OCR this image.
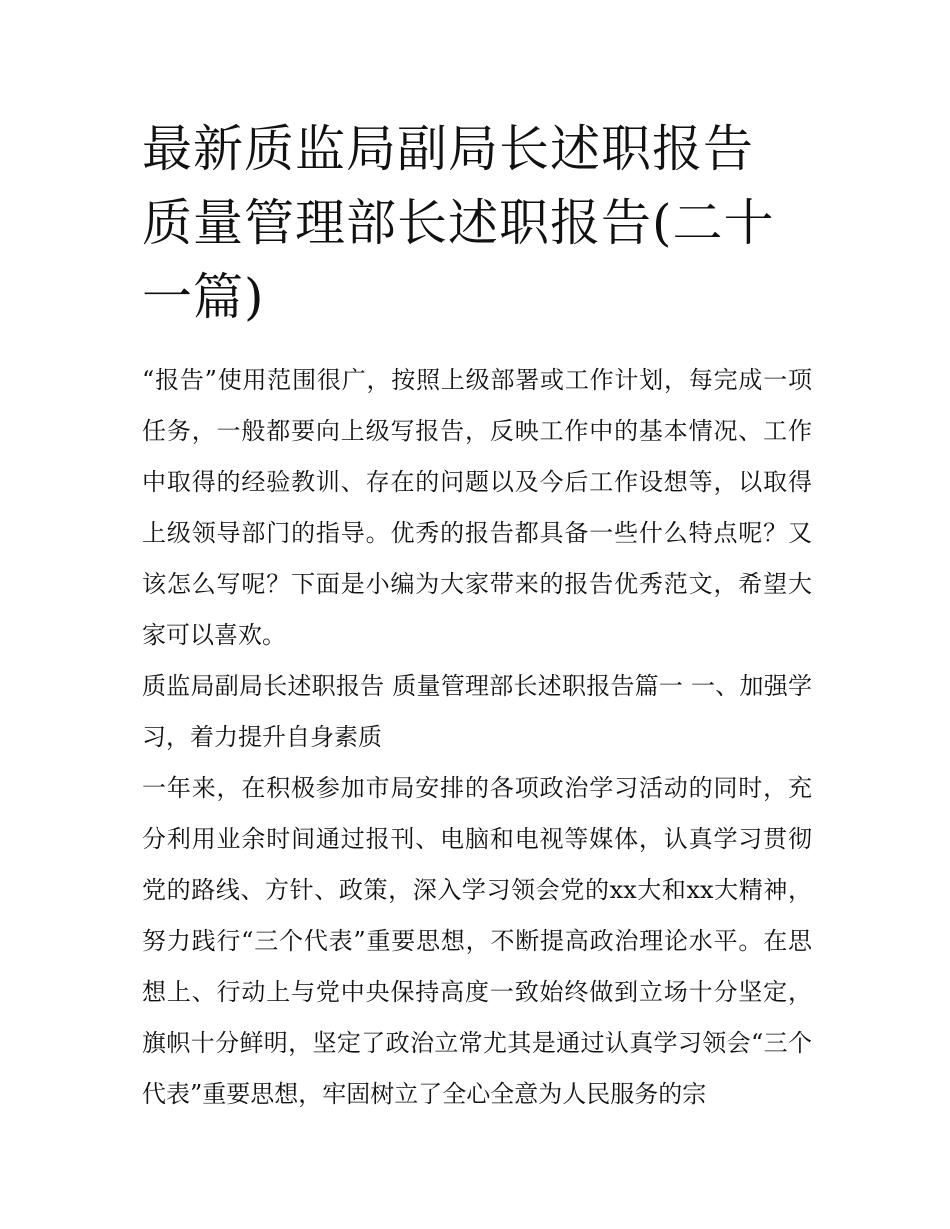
最新质监局副局长述职报告 质量管理部长述职报告(二十一篇)

“报告”使用范围很广，按照上级部署或工作计划，每完成一项任务，一般都要向上级写报告，反映工作中的基本情况、工作中取得的经验教训、存在的问题以及今后工作设想等，以取得上级领导部门的指导。优秀的报告都具备一些什么特点呢？又该怎么写呢？下面是小编为大家带来的报告优秀范文，希望大家可以喜欢。

质监局副局长述职报告 质量管理部长述职报告篇一 一、加强学习，着力提升自身素质

一年来，在积极参加市局安排的各项政治学习活动的同时，充分利用业余时间通过报刊、电脑和电视等媒体，认真学习贯彻党的路线、方针、政策，深入学习领会党的xx大和xx大精神，努力践行“三个代表”重要思想，不断提高政治理论水平。在思想上、行动上与党中央保持高度一致始终做到立场十分坚定，旗帜十分鲜明，坚定了政治立常尤其是通过认真学习领会“三个代表”重要思想，牢固树立了全心全意为人民服务的宗
